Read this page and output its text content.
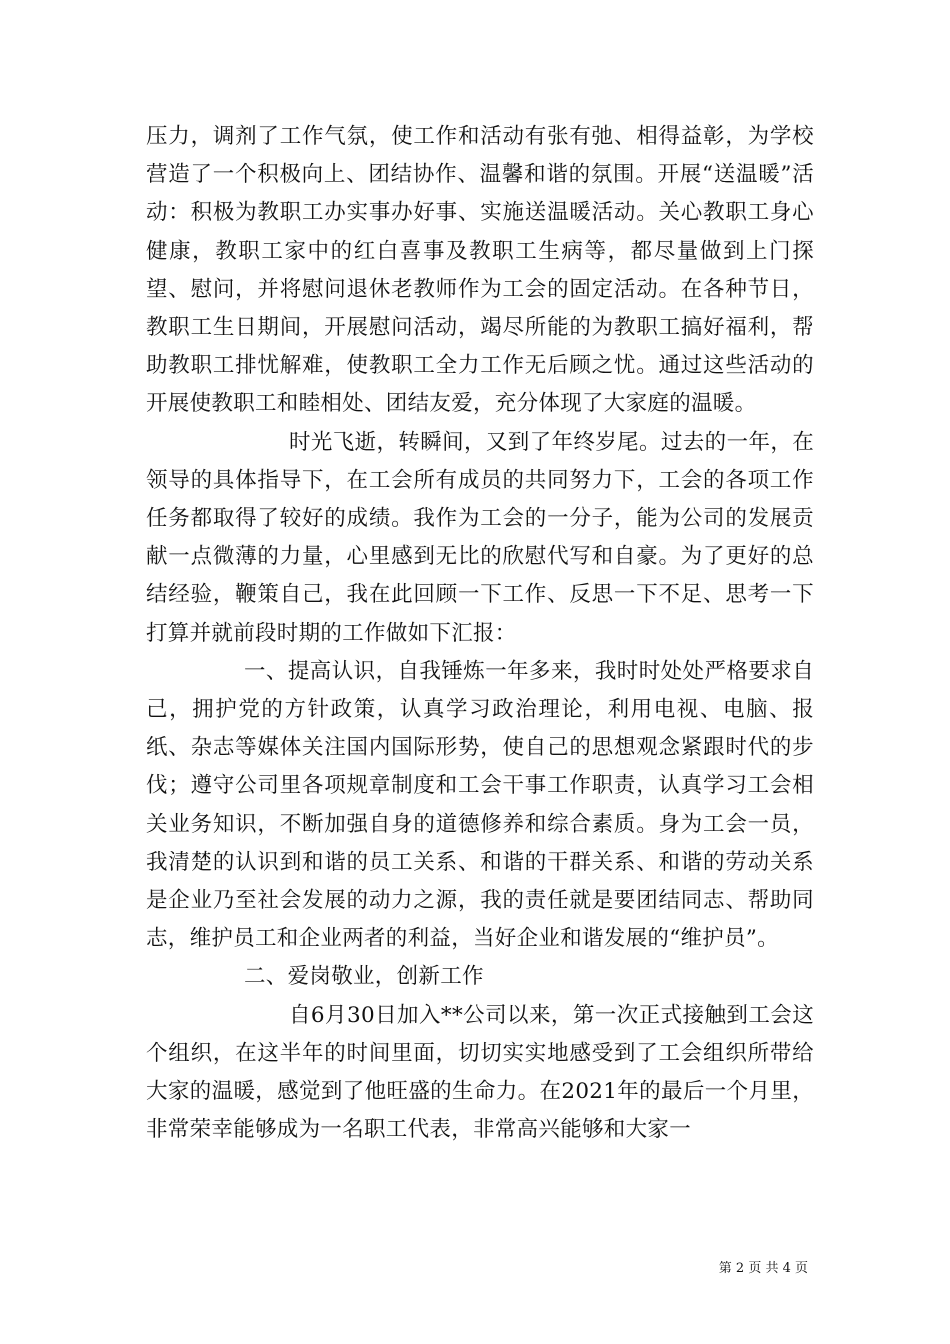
压力，调剂了工作气氛，使工作和活动有张有弛、相得益彰，为学校营造了一个积极向上、团结协作、温馨和谐的氛围。开展“送温暖”活动：积极为教职工办实事办好事、实施送温暖活动。关心教职工身心健康，教职工家中的红白喜事及教职工生病等，都尽量做到上门探望、慰问，并将慰问退休老教师作为工会的固定活动。在各种节日，教职工生日期间，开展慰问活动，竭尽所能的为教职工搞好福利，帮助教职工排忧解难，使教职工全力工作无后顾之忧。通过这些活动的开展使教职工和睦相处、团结友爱，充分体现了大家庭的温暖。

时光飞逝，转瞬间，又到了年终岁尾。过去的一年，在领导的具体指导下，在工会所有成员的共同努力下，工会的各项工作任务都取得了较好的成绩。我作为工会的一分子，能为公司的发展贡献一点微薄的力量，心里感到无比的欣慰代写和自豪。为了更好的总结经验，鞭策自己，我在此回顾一下工作、反思一下不足、思考一下打算并就前段时期的工作做如下汇报：

一、提高认识，自我锤炼一年多来，我时时处处严格要求自己，拥护党的方针政策，认真学习政治理论，利用电视、电脑、报纸、杂志等媒体关注国内国际形势，使自己的思想观念紧跟时代的步伐；遵守公司里各项规章制度和工会干事工作职责，认真学习工会相关业务知识，不断加强自身的道德修养和综合素质。身为工会一员，我清楚的认识到和谐的员工关系、和谐的干群关系、和谐的劳动关系是企业乃至社会发展的动力之源，我的责任就是要团结同志、帮助同志，维护员工和企业两者的利益，当好企业和谐发展的“维护员”。

二、爱岗敬业，创新工作

自6月30日加入**公司以来，第一次正式接触到工会这个组织，在这半年的时间里面，切切实实地感受到了工会组织所带给大家的温暖，感觉到了他旺盛的生命力。在2021年的最后一个月里，非常荣幸能够成为一名职工代表，非常高兴能够和大家一

第 2 页 共 4 页
